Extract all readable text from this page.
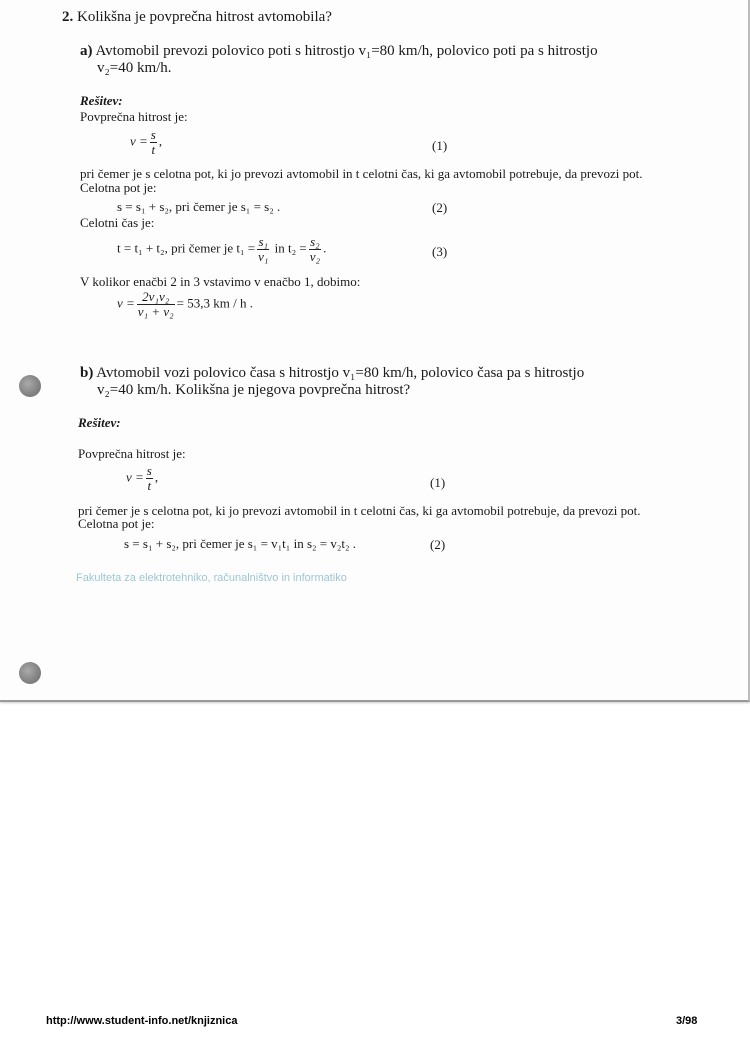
2. Kolikšna je povprečna hitrost avtomobila?
a) Avtomobil prevozi polovico poti s hitrostjo v₁=80 km/h, polovico poti pa s hitrostjo
v₂=40 km/h.
Rešitev:
Povprečna hitrost je:
$v = \frac{s}{t}$ ,	(1)
pri čemer je s celotna pot, ki jo prevozi avtomobil in t celotni čas, ki ga avtomobil potrebuje, da prevozi pot.
Celotna pot je:
s = s₁ + s₂, pri čemer je s₁ = s₂ .	(2)
Celotni čas je:
t = t₁ + t₂, pri čemer je $t_1 = \frac{\text{s₁}}{\text{v₁}}$ in $t_2 = \frac{\text{s₂}}{\text{v₂}}$ .	(3)
V kolikor enačbi 2 in 3 vstavimo v enačbo 1, dobimo:
$v = \frac{\text{2v₁v₂}}{\text{v₁ + v₂}} = 53,3$ km / h .
b) Avtomobil vozi polovico časa s hitrostjo v₁=80 km/h, polovico časa pa s hitrostjo
v₂=40 km/h. Kolikšna je njegova povprečna hitrost?
Rešitev:
Povprečna hitrost je:
$v = \frac{s}{t}$ ,	(1)
pri čemer je s celotna pot, ki jo prevozi avtomobil in t celotni čas, ki ga avtomobil potrebuje, da prevozi pot.
Celotna pot je:
s = s₁ + s₂, pri čemer je s₁ = v₁t₁ in s₂ = v₂t₂ .	(2)
Fakulteta za elektrotehniko, računalništvo in informatiko
http://www.student-info.net/knjiznica	3/98
